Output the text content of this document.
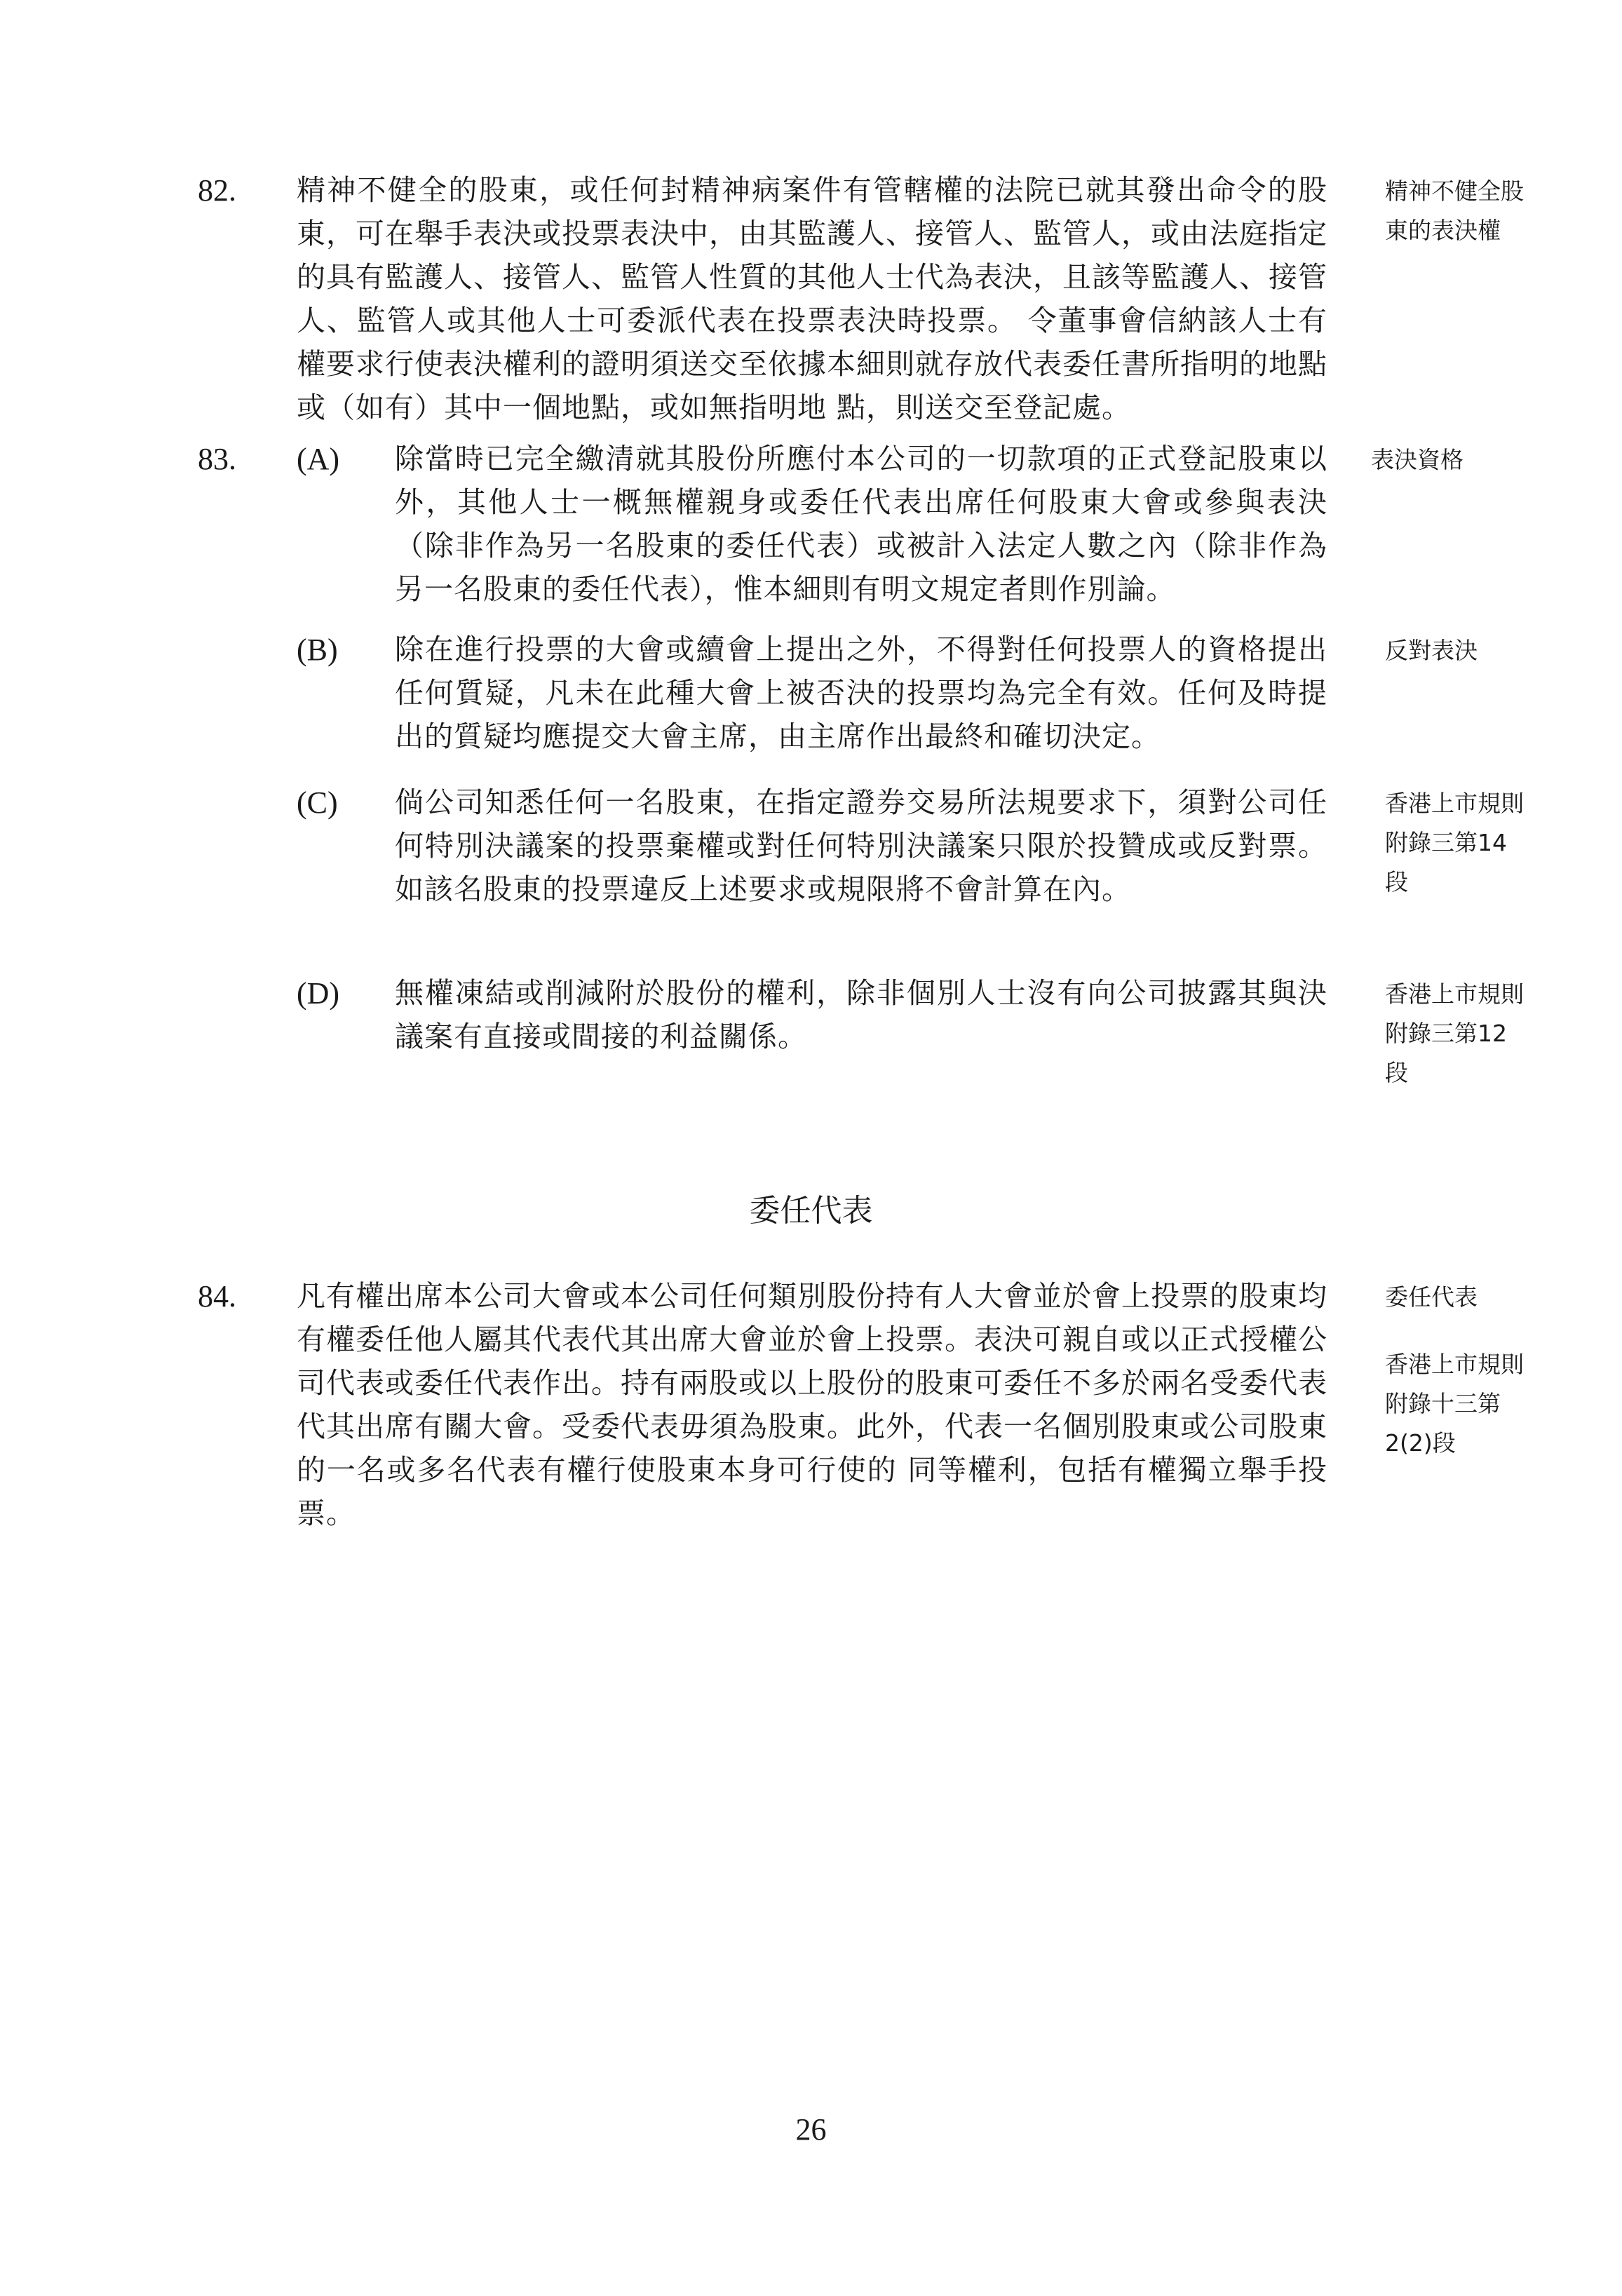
82. 精神不健全的股東，或任何封精神病案件有管轄權的法院已就其發出命令的股東，可在舉手表決或投票表決中，由其監護人、接管人、監管人，或由法庭指定的具有監護人、接管人、監管人性質的其他人士代為表決，且該等監護人、接管人、監管人或其他人士可委派代表在投票表決時投票。 令董事會信納該人士有權要求行使表決權利的證明須送交至依據本細則就存放代表委任書所指明的地點或（如有）其中一個地點，或如無指明地 點，則送交至登記處。
精神不健全股東的表決權
83. (A) 除當時已完全繳清就其股份所應付本公司的一切款項的正式登記股東以外，其他人士一概無權親身或委任代表出席任何股東大會或參與表決（除非作為另一名股東的委任代表）或被計入法定人數之內（除非作為另一名股東的委任代表），惟本細則有明文規定者則作別論。
表決資格
(B) 除在進行投票的大會或續會上提出之外，不得對任何投票人的資格提出任何質疑，凡未在此種大會上被否決的投票均為完全有效。任何及時提出的質疑均應提交大會主席，由主席作出最終和確切決定。
反對表決
(C) 倘公司知悉任何一名股東，在指定證券交易所法規要求下，須對公司任何特別決議案的投票棄權或對任何特別決議案只限於投贊成或反對票。如該名股東的投票違反上述要求或規限將不會計算在內。
香港上市規則 附錄三第14段
(D) 無權凍結或削減附於股份的權利，除非個別人士沒有向公司披露其與決議案有直接或間接的利益關係。
香港上市規則 附錄三第12段
委任代表
84. 凡有權出席本公司大會或本公司任何類別股份持有人大會並於會上投票的股東均有權委任他人屬其代表代其出席大會並於會上投票。表決可親自或以正式授權公司代表或委任代表作出。持有兩股或以上股份的股東可委任不多於兩名受委代表代其出席有關大會。受委代表毋須為股東。此外，代表一名個別股東或公司股東的一名或多名代表有權行使股東本身可行使的 同等權利，包括有權獨立舉手投票。
委任代表
香港上市規則 附錄十三第2(2)段
26
